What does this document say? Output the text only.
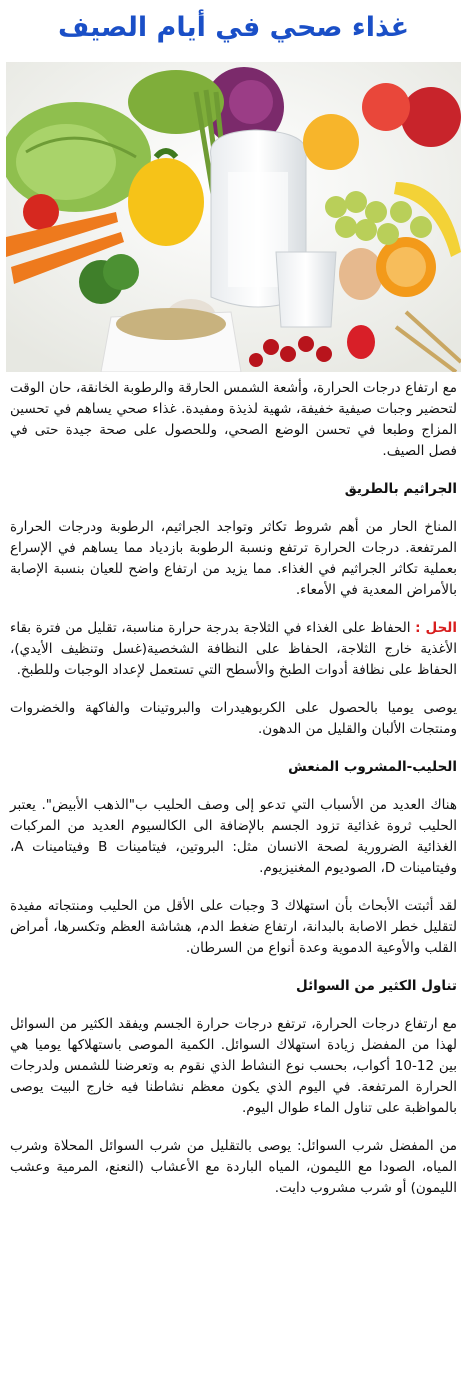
غذاء صحي في أيام الصيف

مع ارتفاع درجات الحرارة، وأشعة الشمس الحارقة والرطوبة الخانقة، حان الوقت لتحضير وجبات صيفية خفيفة، شهية لذيذة ومفيدة. غذاء صحي يساهم في تحسين المزاج وطبعا في تحسن الوضع الصحي، وللحصول على صحة جيدة حتى في فصل الصيف.

الجراثيم بالطريق

المناخ الحار من أهم شروط تكاثر وتواجد الجراثيم، الرطوبة ودرجات الحرارة المرتفعة. درجات الحرارة ترتفع ونسبة الرطوبة بازدياد مما يساهم في الإسراع بعملية تكاثر الجراثيم في الغذاء. مما يزيد من ارتفاع واضح للعيان بنسبة الإصابة بالأمراض المعدية في الأمعاء.

الحل : الحفاظ على الغذاء في الثلاجة بدرجة حرارة مناسبة، تقليل من فترة بقاء الأغذية خارج الثلاجة، الحفاظ على النظافة الشخصية(غسل وتنظيف الأيدي)، الحفاظ على نظافة أدوات الطبخ والأسطح التي تستعمل لإعداد الوجبات وللطبخ.

يوصى يوميا بالحصول على الكربوهيدرات والبروتينات والفاكهة والخضروات ومنتجات الألبان والقليل من الدهون.

الحليب-المشروب المنعش

هناك العديد من الأسباب التي تدعو إلى وصف الحليب ب"الذهب الأبيض". يعتبر الحليب ثروة غذائية تزود الجسم بالإضافة الى الكالسيوم العديد من المركبات الغذائية الضرورية لصحة الانسان مثل: البروتين، فيتامينات B وفيتامينات A، وفيتامينات D، الصوديوم المغنيزيوم.

لقد أثبتت الأبحاث بأن استهلاك 3 وجبات على الأقل من الحليب ومنتجاته مفيدة لتقليل خطر الاصابة بالبدانة، ارتفاع ضغط الدم، هشاشة العظم وتكسرها، أمراض القلب والأوعية الدموية وعدة أنواع من السرطان.

تناول الكثير من السوائل

مع ارتفاع درجات الحرارة، ترتفع درجات حرارة الجسم ويفقد الكثير من السوائل لهذا من المفضل زيادة استهلاك السوائل. الكمية الموصى باستهلاكها يوميا هي بين 12-10 أكواب، بحسب نوع النشاط الذي نقوم به وتعرضنا للشمس ولدرجات الحرارة المرتفعة. في اليوم الذي يكون معظم نشاطنا فيه خارج البيت يوصى بالمواظبة على تناول الماء طوال اليوم.

من المفضل شرب السوائل: يوصى بالتقليل من شرب السوائل المحلاة وشرب المياه، الصودا مع الليمون، المياه الباردة مع الأعشاب (النعنع، المرمية وعشب الليمون) أو شرب مشروب دايت.
